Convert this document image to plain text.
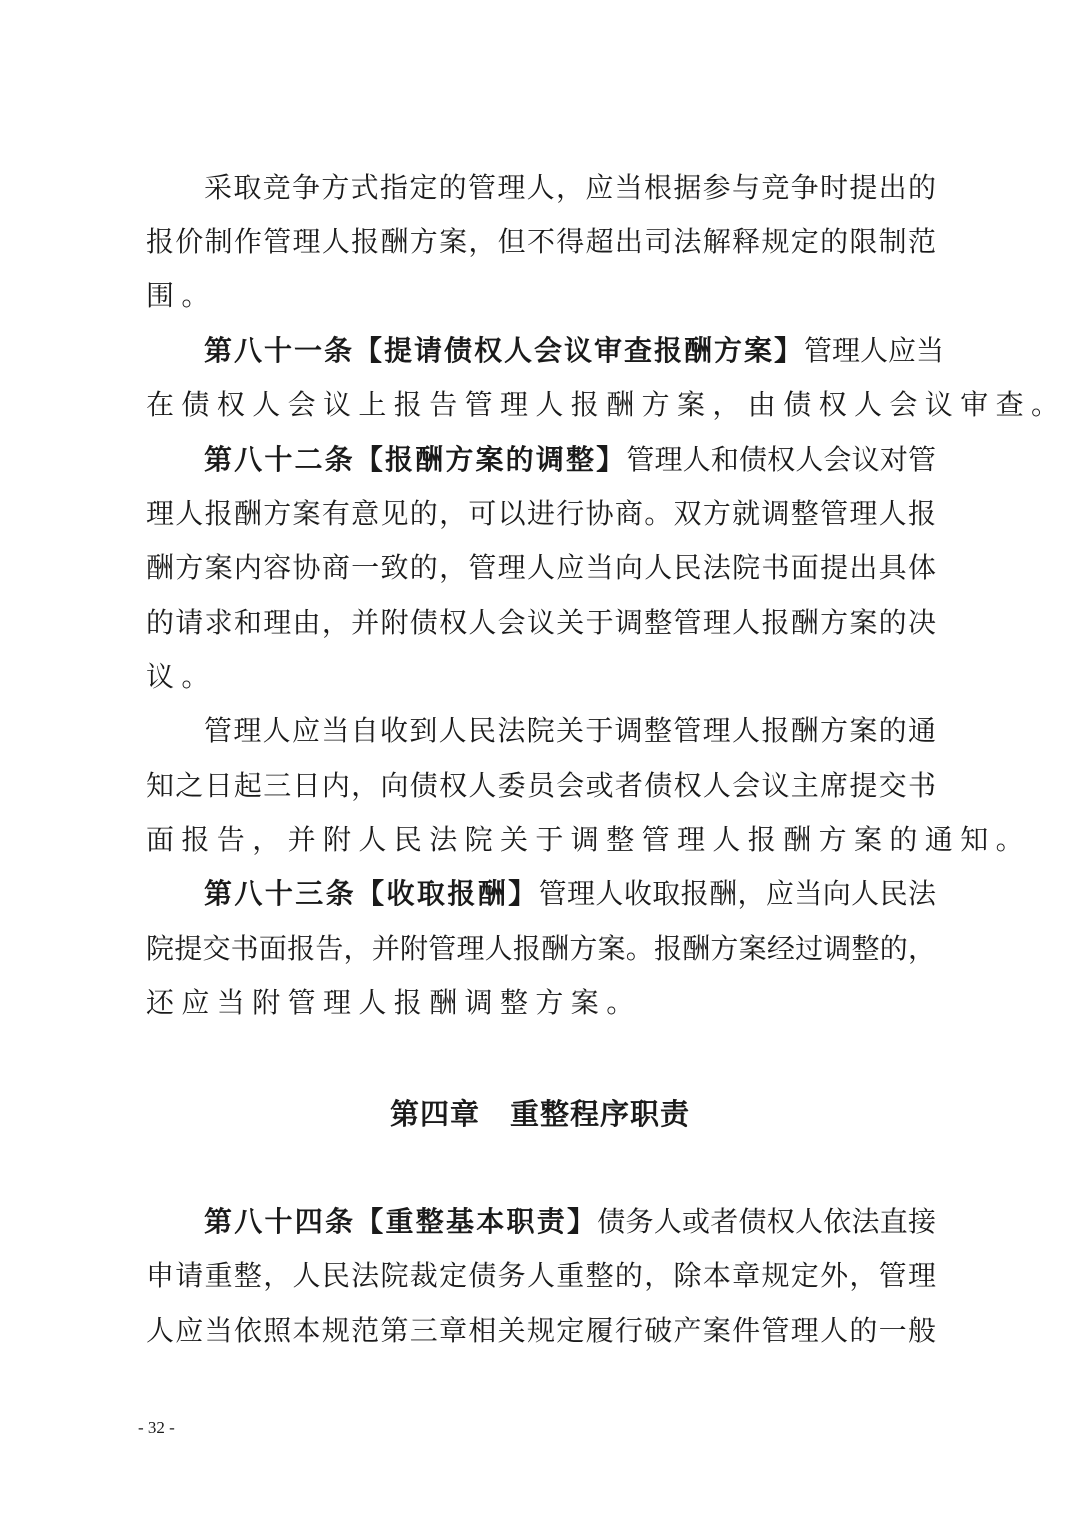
采取竞争方式指定的管理人，应当根据参与竞争时提出的
报价制作管理人报酬方案，但不得超出司法解释规定的限制范
围。
第八十一条【提请债权人会议审查报酬方案】管理人应当
在债权人会议上报告管理人报酬方案，由债权人会议审查。
第八十二条【报酬方案的调整】管理人和债权人会议对管
理人报酬方案有意见的，可以进行协商。双方就调整管理人报
酬方案内容协商一致的，管理人应当向人民法院书面提出具体
的请求和理由，并附债权人会议关于调整管理人报酬方案的决
议。
管理人应当自收到人民法院关于调整管理人报酬方案的通
知之日起三日内，向债权人委员会或者债权人会议主席提交书
面报告，并附人民法院关于调整管理人报酬方案的通知。
第八十三条【收取报酬】管理人收取报酬，应当向人民法
院提交书面报告，并附管理人报酬方案。报酬方案经过调整的，
还应当附管理人报酬调整方案。
第四章　重整程序职责
第八十四条【重整基本职责】债务人或者债权人依法直接
申请重整，人民法院裁定债务人重整的，除本章规定外，管理
人应当依照本规范第三章相关规定履行破产案件管理人的一般
- 32 -
